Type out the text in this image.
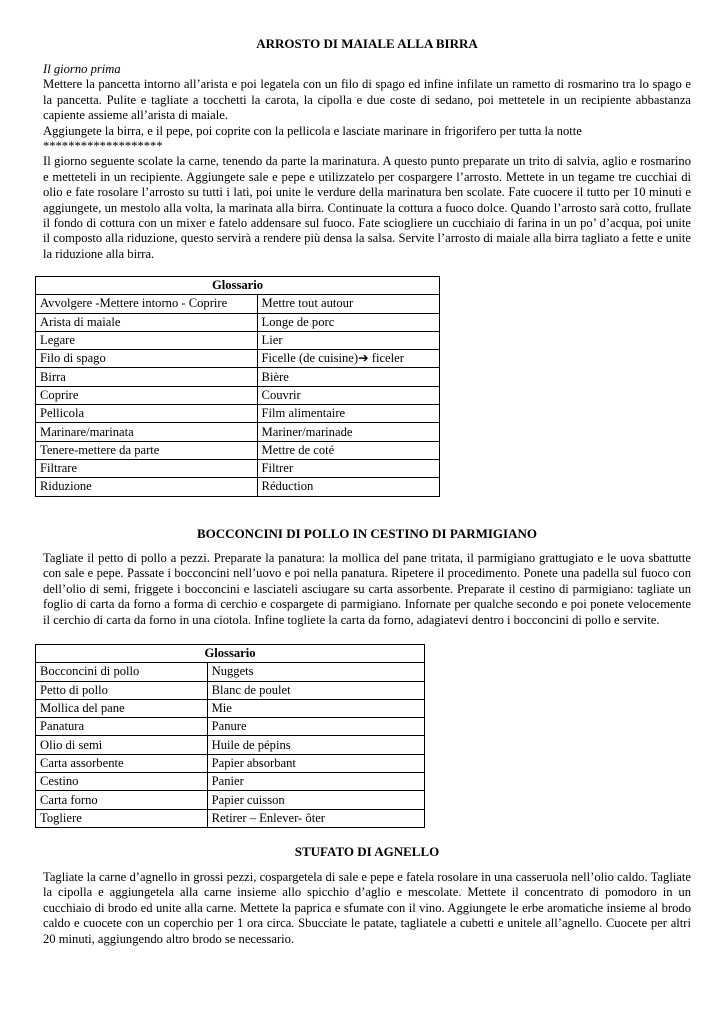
ARROSTO DI MAIALE ALLA BIRRA

Il giorno prima

Mettere la pancetta intorno all’arista e poi legatela con un filo di spago ed infine infilate un rametto di rosmarino tra lo spago e la pancetta. Pulite e tagliate a tocchetti la carota, la cipolla e due coste di sedano, poi mettetele in un recipiente abbastanza capiente assieme all’arista di maiale.

Aggiungete la birra, e il pepe, poi coprite con la pellicola e lasciate marinare in frigorifero per tutta la notte

*******************

Il giorno seguente scolate la carne, tenendo da parte la marinatura. A questo punto preparate un trito di salvia, aglio e rosmarino e metteteli in un recipiente. Aggiungete sale e pepe e utilizzatelo per cospargere l’arrosto. Mettete in un tegame tre cucchiai di olio e fate rosolare l’arrosto su tutti i lati, poi unite le verdure della marinatura ben scolate. Fate cuocere il tutto per 10 minuti e aggiungete, un mestolo alla volta, la marinata alla birra. Continuate la cottura a fuoco dolce. Quando l’arrosto sarà cotto, frullate il fondo di cottura con un mixer e fatelo addensare sul fuoco. Fate sciogliere un cucchiaio di farina in un po’ d’acqua, poi unite il composto alla riduzione, questo servirà a rendere più densa la salsa. Servite l’arrosto di maiale alla birra tagliato a fette e unite la riduzione alla birra.

Glossario	
Avvolgere -Mettere intorno - Coprire	Mettre tout autour
Arista di maiale	Longe de porc
Legare	Lier
Filo di spago	Ficelle (de cuisine)➔ ficeler
Birra	Bière
Coprire	Couvrir
Pellicola	Film alimentaire
Marinare/marinata	Mariner/marinade
Tenere-mettere da parte	Mettre de coté
Filtrare	Filtrer
Riduzione	Réduction
BOCCONCINI DI POLLO IN CESTINO DI PARMIGIANO

Tagliate il petto di pollo a pezzi. Preparate la panatura: la mollica del pane tritata, il parmigiano grattugiato e le uova sbattutte con sale e pepe. Passate i bocconcini nell’uovo e poi nella panatura. Ripetere il procedimento. Ponete una padella sul fuoco con dell’olio di semi, friggete i bocconcini e lasciateli asciugare su carta assorbente. Preparate il cestino di parmigiano: tagliate un foglio di carta da forno a forma di cerchio e cospargete di parmigiano. Infornate per qualche secondo e poi ponete velocemente il cerchio di carta da forno in una ciotola. Infine togliete la carta da forno, adagiatevi dentro i bocconcini di pollo e servite.

Glossario	
Bocconcini di pollo	Nuggets
Petto di pollo	Blanc de poulet
Mollica del pane	Mie
Panatura	Panure
Olio di semi	Huile de pépins
Carta assorbente	Papier absorbant
Cestino	Panier
Carta forno	Papier cuisson
Togliere	Retirer – Enlever- ôter
STUFATO DI AGNELLO

Tagliate la carne d’agnello in grossi pezzi, cospargetela di sale e pepe e fatela rosolare in una casseruola nell’olio caldo. Tagliate la cipolla e aggiungetela alla carne insieme allo spicchio d’aglio e mescolate. Mettete il concentrato di pomodoro in un cucchiaio di brodo ed unite alla carne. Mettete la paprica e sfumate con il vino. Aggiungete le erbe aromatiche insieme al brodo caldo e cuocete con un coperchio per 1 ora circa. Sbucciate le patate, tagliatele a cubetti e unitele all’agnello. Cuocete per altri 20 minuti, aggiungendo altro brodo se necessario.
